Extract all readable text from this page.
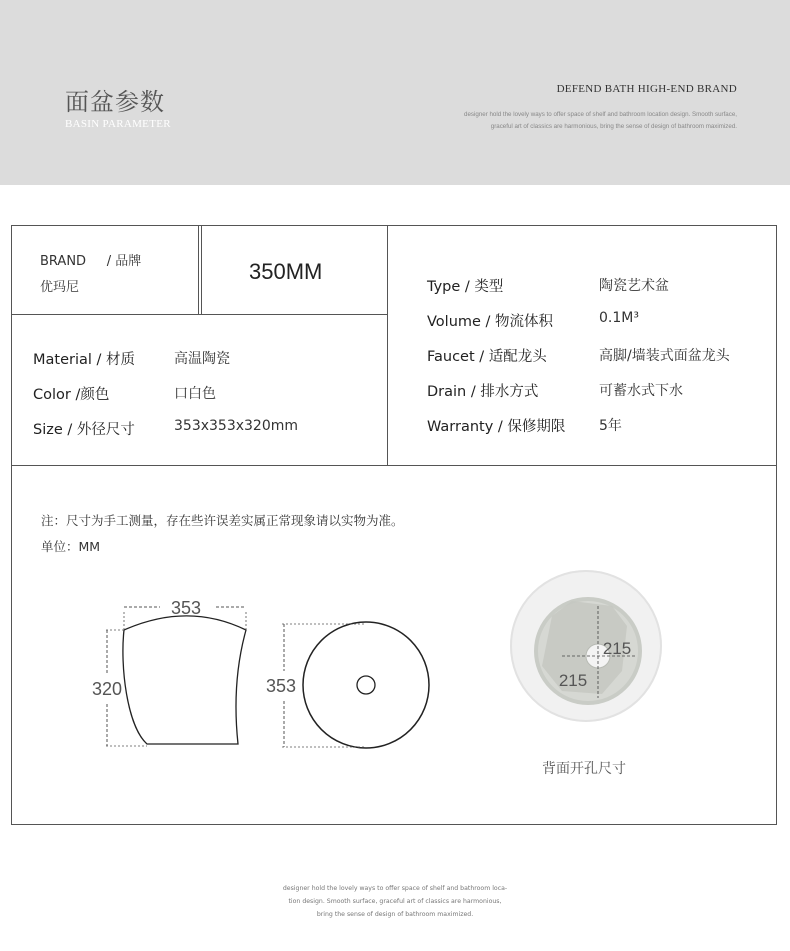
面盆参数
BASIN PARAMETER
DEFEND BATH HIGH-END BRAND
designer hold the lovely ways to offer space of shelf and bathroom location design. Smooth surface,
graceful art of classics are harmonious, bring the sense of design of bathroom maximized.
BRAND     / 品牌
优玛尼
350MM
Material / 材质	高温陶瓷
Color /颜色	口白色
Size / 外径尺寸	353x353x320mm
Type / 类型	陶瓷艺术盆
Volume / 物流体积	0.1M³
Faucet / 适配龙头	高脚/墙装式面盆龙头
Drain / 排水方式	可蓄水式下水
Warranty / 保修期限 5年
注：尺寸为手工测量，存在些许误差实属正常现象请以实物为准。
单位：MM
353
320	353
215
215
背面开孔尺寸
designer hold the lovely ways to offer space of shelf and bathroom loca-
tion design. Smooth surface, graceful art of classics are harmonious,
bring the sense of design of bathroom maximized.
